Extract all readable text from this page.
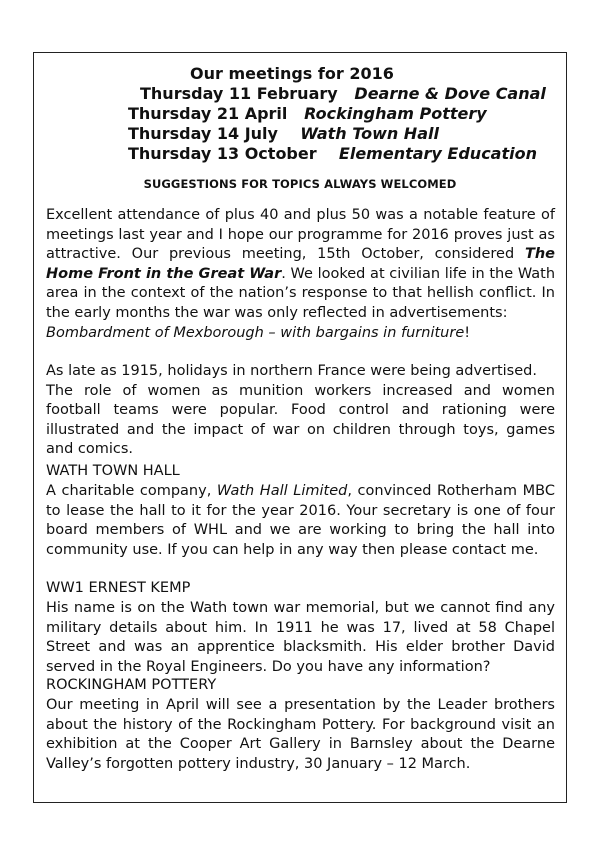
Our meetings for 2016
Thursday 11 February Dearne & Dove Canal
Thursday 21 April Rockingham Pottery
Thursday 14 July Wath Town Hall
Thursday 13 October Elementary Education
SUGGESTIONS FOR TOPICS ALWAYS WELCOMED
Excellent attendance of plus 40 and plus 50 was a notable feature of meetings last year and I hope our programme for 2016 proves just as attractive. Our previous meeting, 15th October, considered The Home Front in the Great War. We looked at civilian life in the Wath area in the context of the nation’s response to that hellish conflict. In the early months the war was only reflected in advertisements:
Bombardment of Mexborough – with bargains in furniture!
As late as 1915, holidays in northern France were being advertised.
The role of women as munition workers increased and women football teams were popular. Food control and rationing were illustrated and the impact of war on children through toys, games and comics.
WATH TOWN HALL
A charitable company, Wath Hall Limited, convinced Rotherham MBC to lease the hall to it for the year 2016. Your secretary is one of four board members of WHL and we are working to bring the hall into community use. If you can help in any way then please contact me.
WW1 ERNEST KEMP
His name is on the Wath town war memorial, but we cannot find any military details about him. In 1911 he was 17, lived at 58 Chapel Street and was an apprentice blacksmith. His elder brother David served in the Royal Engineers. Do you have any information?
ROCKINGHAM POTTERY
Our meeting in April will see a presentation by the Leader brothers about the history of the Rockingham Pottery. For background visit an exhibition at the Cooper Art Gallery in Barnsley about the Dearne Valley’s forgotten pottery industry, 30 January – 12 March.
